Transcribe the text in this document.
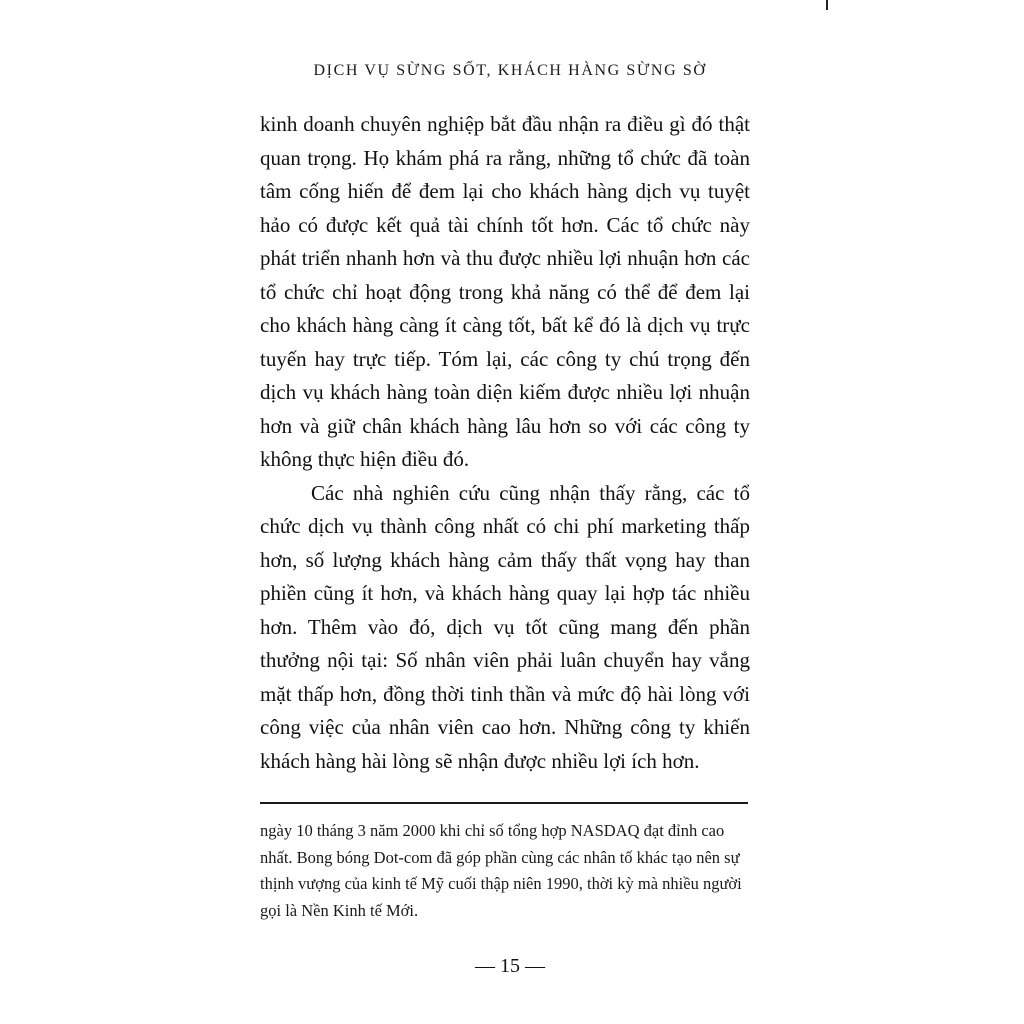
DỊCH VỤ SỪNG SỐT, KHÁCH HÀNG SỪNG SỜ

kinh doanh chuyên nghiệp bắt đầu nhận ra điều gì đó thật quan trọng. Họ khám phá ra rằng, những tổ chức đã toàn tâm cống hiến để đem lại cho khách hàng dịch vụ tuyệt hảo có được kết quả tài chính tốt hơn. Các tổ chức này phát triển nhanh hơn và thu được nhiều lợi nhuận hơn các tổ chức chỉ hoạt động trong khả năng có thể để đem lại cho khách hàng càng ít càng tốt, bất kể đó là dịch vụ trực tuyến hay trực tiếp. Tóm lại, các công ty chú trọng đến dịch vụ khách hàng toàn diện kiếm được nhiều lợi nhuận hơn và giữ chân khách hàng lâu hơn so với các công ty không thực hiện điều đó.

Các nhà nghiên cứu cũng nhận thấy rằng, các tổ chức dịch vụ thành công nhất có chi phí marketing thấp hơn, số lượng khách hàng cảm thấy thất vọng hay than phiền cũng ít hơn, và khách hàng quay lại hợp tác nhiều hơn. Thêm vào đó, dịch vụ tốt cũng mang đến phần thưởng nội tại: Số nhân viên phải luân chuyển hay vắng mặt thấp hơn, đồng thời tinh thần và mức độ hài lòng với công việc của nhân viên cao hơn. Những công ty khiến khách hàng hài lòng sẽ nhận được nhiều lợi ích hơn.

ngày 10 tháng 3 năm 2000 khi chỉ số tổng hợp NASDAQ đạt đỉnh cao nhất. Bong bóng Dot-com đã góp phần cùng các nhân tố khác tạo nên sự thịnh vượng của kinh tế Mỹ cuối thập niên 1990, thời kỳ mà nhiều người gọi là Nền Kinh tế Mới.

— 15 —
